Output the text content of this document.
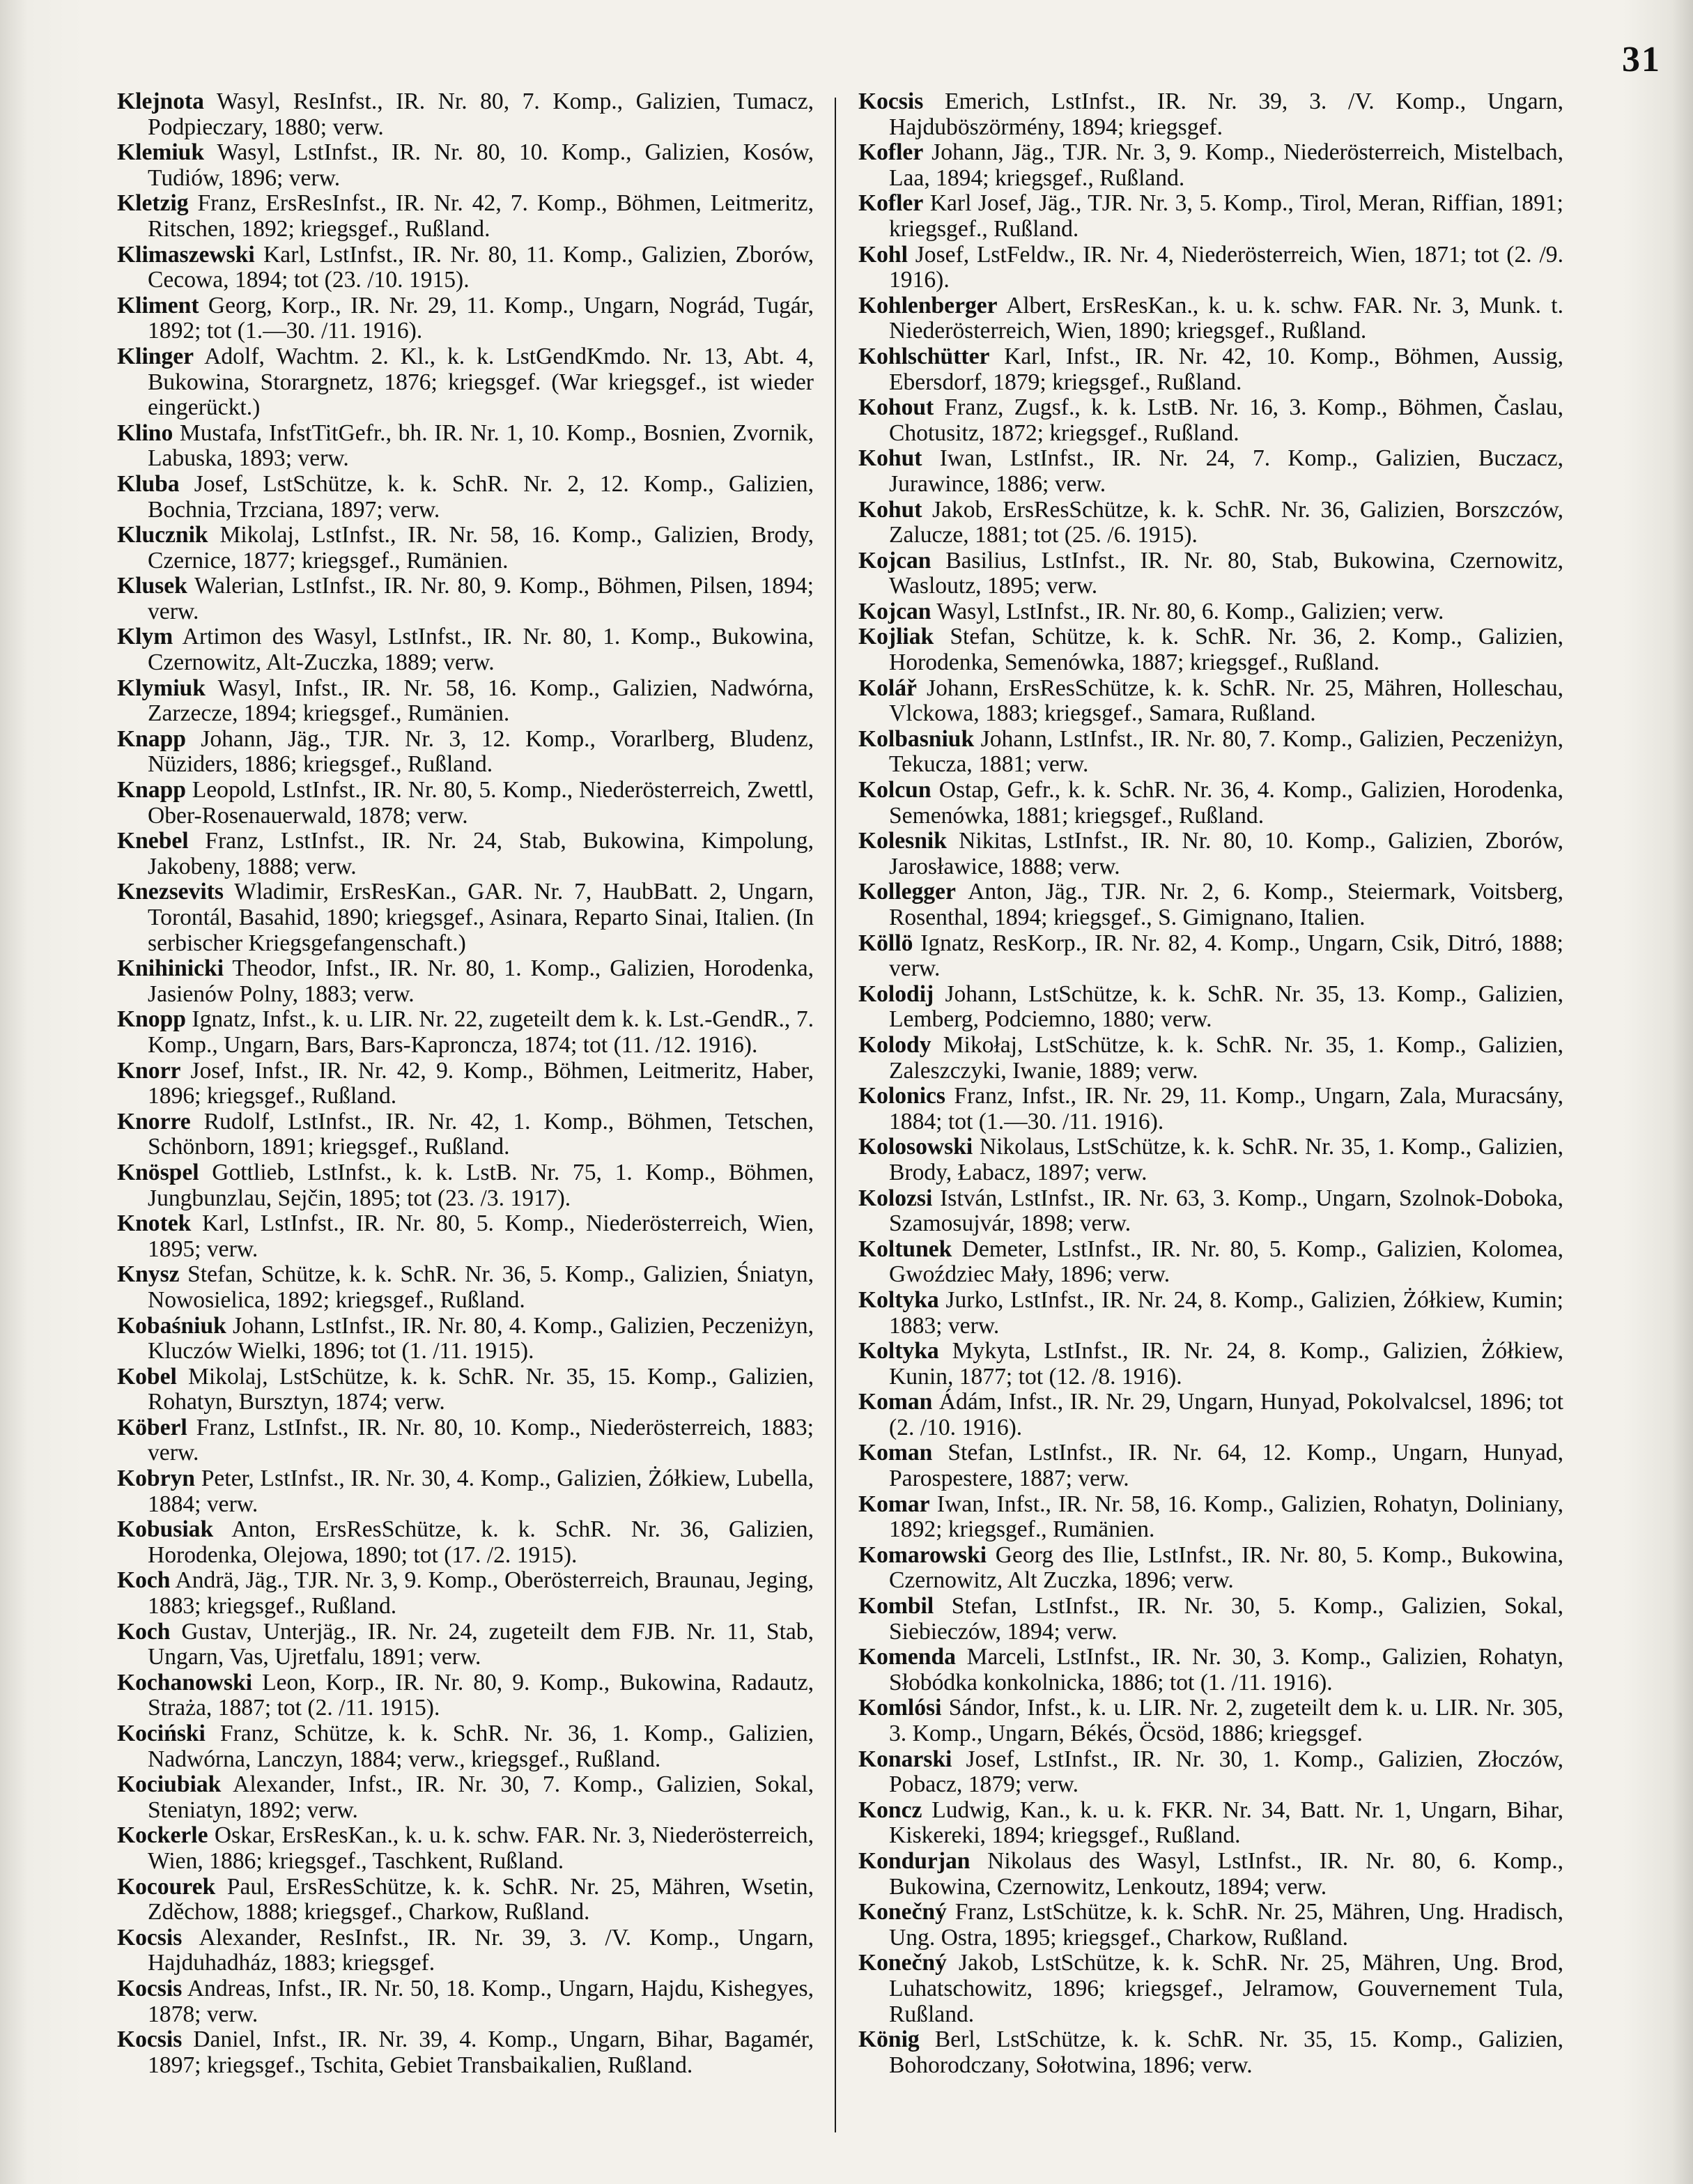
31
Klejnota Wasyl, ResInfst., IR. Nr. 80, 7. Komp., Galizien, Tumacz, Podpieczary, 1880; verw.
Klemiuk Wasyl, LstInfst., IR. Nr. 80, 10. Komp., Galizien, Kosów, Tudiów, 1896; verw.
Kletzig Franz, ErsResInfst., IR. Nr. 42, 7. Komp., Böhmen, Leitmeritz, Ritschen, 1892; kriegsgef., Rußland.
Klimaszewski Karl, LstInfst., IR. Nr. 80, 11. Komp., Galizien, Zborów, Cecowa, 1894; tot (23. /10. 1915).
Kliment Georg, Korp., IR. Nr. 29, 11. Komp., Ungarn, Nográd, Tugár, 1892; tot (1.—30. /11. 1916).
Klinger Adolf, Wachtm. 2. Kl., k. k. LstGendKmdo. Nr. 13, Abt. 4, Bukowina, Storargnetz, 1876; kriegsgef. (War kriegsgef., ist wieder eingerückt.)
Klino Mustafa, InfstTitGefr., bh. IR. Nr. 1, 10. Komp., Bosnien, Zvornik, Labuska, 1893; verw.
Kluba Josef, LstSchütze, k. k. SchR. Nr. 2, 12. Komp., Galizien, Bochnia, Trzciana, 1897; verw.
Klucznik Mikolaj, LstInfst., IR. Nr. 58, 16. Komp., Galizien, Brody, Czernice, 1877; kriegsgef., Rumänien.
Klusek Walerian, LstInfst., IR. Nr. 80, 9. Komp., Böhmen, Pilsen, 1894; verw.
Klym Artimon des Wasyl, LstInfst., IR. Nr. 80, 1. Komp., Bukowina, Czernowitz, Alt-Zuczka, 1889; verw.
Klymiuk Wasyl, Infst., IR. Nr. 58, 16. Komp., Galizien, Nadwórna, Zarzecze, 1894; kriegsgef., Rumänien.
Knapp Johann, Jäg., TJR. Nr. 3, 12. Komp., Vorarlberg, Bludenz, Nüziders, 1886; kriegsgef., Rußland.
Knapp Leopold, LstInfst., IR. Nr. 80, 5. Komp., Niederösterreich, Zwettl, Ober-Rosenauerwald, 1878; verw.
Knebel Franz, LstInfst., IR. Nr. 24, Stab, Bukowina, Kimpolung, Jakobeny, 1888; verw.
Knezsevits Wladimir, ErsResKan., GAR. Nr. 7, HaubBatt. 2, Ungarn, Torontál, Basahid, 1890; kriegsgef., Asinara, Reparto Sinai, Italien. (In serbischer Kriegsgefangenschaft.)
Knihinicki Theodor, Infst., IR. Nr. 80, 1. Komp., Galizien, Horodenka, Jasienów Polny, 1883; verw.
Knopp Ignatz, Infst., k. u. LIR. Nr. 22, zugeteilt dem k. k. Lst.-GendR., 7. Komp., Ungarn, Bars, Bars-Kapronсza, 1874; tot (11. /12. 1916).
Knorr Josef, Infst., IR. Nr. 42, 9. Komp., Böhmen, Leitmeritz, Haber, 1896; kriegsgef., Rußland.
Knorre Rudolf, LstInfst., IR. Nr. 42, 1. Komp., Böhmen, Tetschen, Schönborn, 1891; kriegsgef., Rußland.
Knöspel Gottlieb, LstInfst., k. k. LstB. Nr. 75, 1. Komp., Böhmen, Jungbunzlau, Sejčin, 1895; tot (23. /3. 1917).
Knotek Karl, LstInfst., IR. Nr. 80, 5. Komp., Niederösterreich, Wien, 1895; verw.
Knysz Stefan, Schütze, k. k. SchR. Nr. 36, 5. Komp., Galizien, Śniatyn, Nowosielica, 1892; kriegsgef., Rußland.
Kobaśniuk Johann, LstInfst., IR. Nr. 80, 4. Komp., Galizien, Peczeniżyn, Kluczów Wielki, 1896; tot (1. /11. 1915).
Kobel Mikolaj, LstSchütze, k. k. SchR. Nr. 35, 15. Komp., Galizien, Rohatyn, Bursztyn, 1874; verw.
Köberl Franz, LstInfst., IR. Nr. 80, 10. Komp., Niederösterreich, 1883; verw.
Kobryn Peter, LstInfst., IR. Nr. 30, 4. Komp., Galizien, Żółkiew, Lubella, 1884; verw.
Kobusiak Anton, ErsResSchütze, k. k. SchR. Nr. 36, Galizien, Horodenka, Olejowa, 1890; tot (17. /2. 1915).
Koch Andrä, Jäg., TJR. Nr. 3, 9. Komp., Oberösterreich, Braunau, Jeging, 1883; kriegsgef., Rußland.
Koch Gustav, Unterjäg., IR. Nr. 24, zugeteilt dem FJB. Nr. 11, Stab, Ungarn, Vas, Ujretfalu, 1891; verw.
Kochanowski Leon, Korp., IR. Nr. 80, 9. Komp., Bukowina, Radautz, Straża, 1887; tot (2. /11. 1915).
Kociński Franz, Schütze, k. k. SchR. Nr. 36, 1. Komp., Galizien, Nadwórna, Lanczyn, 1884; verw., kriegsgef., Rußland.
Kociubiak Alexander, Infst., IR. Nr. 30, 7. Komp., Galizien, Sokal, Steniatyn, 1892; verw.
Kockerle Oskar, ErsResKan., k. u. k. schw. FAR. Nr. 3, Niederösterreich, Wien, 1886; kriegsgef., Taschkent, Rußland.
Kocourek Paul, ErsResSchütze, k. k. SchR. Nr. 25, Mähren, Wsetin, Zděchow, 1888; kriegsgef., Charkow, Rußland.
Kocsis Alexander, ResInfst., IR. Nr. 39, 3. /V. Komp., Ungarn, Hajduhadház, 1883; kriegsgef.
Kocsis Andreas, Infst., IR. Nr. 50, 18. Komp., Ungarn, Hajdu, Kishegyes, 1878; verw.
Kocsis Daniel, Infst., IR. Nr. 39, 4. Komp., Ungarn, Bihar, Bagamér, 1897; kriegsgef., Tschita, Gebiet Transbaikalien, Rußland.
Kocsis Emerich, LstInfst., IR. Nr. 39, 3. /V. Komp., Ungarn, Hajduböszörmény, 1894; kriegsgef.
Kofler Johann, Jäg., TJR. Nr. 3, 9. Komp., Niederösterreich, Mistelbach, Laa, 1894; kriegsgef., Rußland.
Kofler Karl Josef, Jäg., TJR. Nr. 3, 5. Komp., Tirol, Meran, Riffian, 1891; kriegsgef., Rußland.
Kohl Josef, LstFeldw., IR. Nr. 4, Niederösterreich, Wien, 1871; tot (2. /9. 1916).
Kohlenberger Albert, ErsResKan., k. u. k. schw. FAR. Nr. 3, Munk. t. Niederösterreich, Wien, 1890; kriegsgef., Rußland.
Kohlschütter Karl, Infst., IR. Nr. 42, 10. Komp., Böhmen, Aussig, Ebersdorf, 1879; kriegsgef., Rußland.
Kohout Franz, Zugsf., k. k. LstB. Nr. 16, 3. Komp., Böhmen, Časlau, Chotusitz, 1872; kriegsgef., Rußland.
Kohut Iwan, LstInfst., IR. Nr. 24, 7. Komp., Galizien, Buczacz, Jurawince, 1886; verw.
Kohut Jakob, ErsResSchütze, k. k. SchR. Nr. 36, Galizien, Borszczów, Zalucze, 1881; tot (25. /6. 1915).
Kojcan Basilius, LstInfst., IR. Nr. 80, Stab, Bukowina, Czernowitz, Wasloutz, 1895; verw.
Kojcan Wasyl, LstInfst., IR. Nr. 80, 6. Komp., Galizien; verw.
Kojliak Stefan, Schütze, k. k. SchR. Nr. 36, 2. Komp., Galizien, Horodenka, Semenówka, 1887; kriegsgef., Rußland.
Kolář Johann, ErsResSchütze, k. k. SchR. Nr. 25, Mähren, Holleschau, Vlckowa, 1883; kriegsgef., Samara, Rußland.
Kolbasniuk Johann, LstInfst., IR. Nr. 80, 7. Komp., Galizien, Peczeniżyn, Tekucza, 1881; verw.
Kolcun Ostap, Gefr., k. k. SchR. Nr. 36, 4. Komp., Galizien, Horodenka, Semenówka, 1881; kriegsgef., Rußland.
Kolesnik Nikitas, LstInfst., IR. Nr. 80, 10. Komp., Galizien, Zborów, Jarosławice, 1888; verw.
Kollegger Anton, Jäg., TJR. Nr. 2, 6. Komp., Steiermark, Voitsberg, Rosenthal, 1894; kriegsgef., S. Gimignano, Italien.
Köllö Ignatz, ResKorp., IR. Nr. 82, 4. Komp., Ungarn, Csik, Ditró, 1888; verw.
Kolodij Johann, LstSchütze, k. k. SchR. Nr. 35, 13. Komp., Galizien, Lemberg, Podciemno, 1880; verw.
Kolody Mikołaj, LstSchütze, k. k. SchR. Nr. 35, 1. Komp., Galizien, Zaleszczyki, Iwanie, 1889; verw.
Kolonics Franz, Infst., IR. Nr. 29, 11. Komp., Ungarn, Zala, Muracsány, 1884; tot (1.—30. /11. 1916).
Kolosowski Nikolaus, LstSchütze, k. k. SchR. Nr. 35, 1. Komp., Galizien, Brody, Łabacz, 1897; verw.
Kolozsi István, LstInfst., IR. Nr. 63, 3. Komp., Ungarn, Szolnok-Doboka, Szamosujvár, 1898; verw.
Koltunek Demeter, LstInfst., IR. Nr. 80, 5. Komp., Galizien, Kolomea, Gwoździec Mały, 1896; verw.
Koltyka Jurko, LstInfst., IR. Nr. 24, 8. Komp., Galizien, Żółkiew, Kumin; 1883; verw.
Koltyka Mykyta, LstInfst., IR. Nr. 24, 8. Komp., Galizien, Żółkiew, Kunin, 1877; tot (12. /8. 1916).
Koman Ádám, Infst., IR. Nr. 29, Ungarn, Hunyad, Pokolvalcsel, 1896; tot (2. /10. 1916).
Koman Stefan, LstInfst., IR. Nr. 64, 12. Komp., Ungarn, Hunyad, Parospestere, 1887; verw.
Komar Iwan, Infst., IR. Nr. 58, 16. Komp., Galizien, Rohatyn, Doliniany, 1892; kriegsgef., Rumänien.
Komarowski Georg des Ilie, LstInfst., IR. Nr. 80, 5. Komp., Bukowina, Czernowitz, Alt Zuczka, 1896; verw.
Kombil Stefan, LstInfst., IR. Nr. 30, 5. Komp., Galizien, Sokal, Siebieczów, 1894; verw.
Komenda Marceli, LstInfst., IR. Nr. 30, 3. Komp., Galizien, Rohatyn, Słobódka konkolnicka, 1886; tot (1. /11. 1916).
Komlósi Sándor, Infst., k. u. LIR. Nr. 2, zugeteilt dem k. u. LIR. Nr. 305, 3. Komp., Ungarn, Békés, Öcsöd, 1886; kriegsgef.
Konarski Josef, LstInfst., IR. Nr. 30, 1. Komp., Galizien, Złoczów, Pobacz, 1879; verw.
Koncz Ludwig, Kan., k. u. k. FKR. Nr. 34, Batt. Nr. 1, Ungarn, Bihar, Kiskereki, 1894; kriegsgef., Rußland.
Kondurjan Nikolaus des Wasyl, LstInfst., IR. Nr. 80, 6. Komp., Bukowina, Czernowitz, Lenkoutz, 1894; verw.
Konečný Franz, LstSchütze, k. k. SchR. Nr. 25, Mähren, Ung. Hradisch, Ung. Ostra, 1895; kriegsgef., Charkow, Rußland.
Konečný Jakob, LstSchütze, k. k. SchR. Nr. 25, Mähren, Ung. Brod, Luhatschowitz, 1896; kriegsgef., Jelramow, Gouvernement Tula, Rußland.
König Berl, LstSchütze, k. k. SchR. Nr. 35, 15. Komp., Galizien, Bohorodczany, Sołotwina, 1896; verw.
